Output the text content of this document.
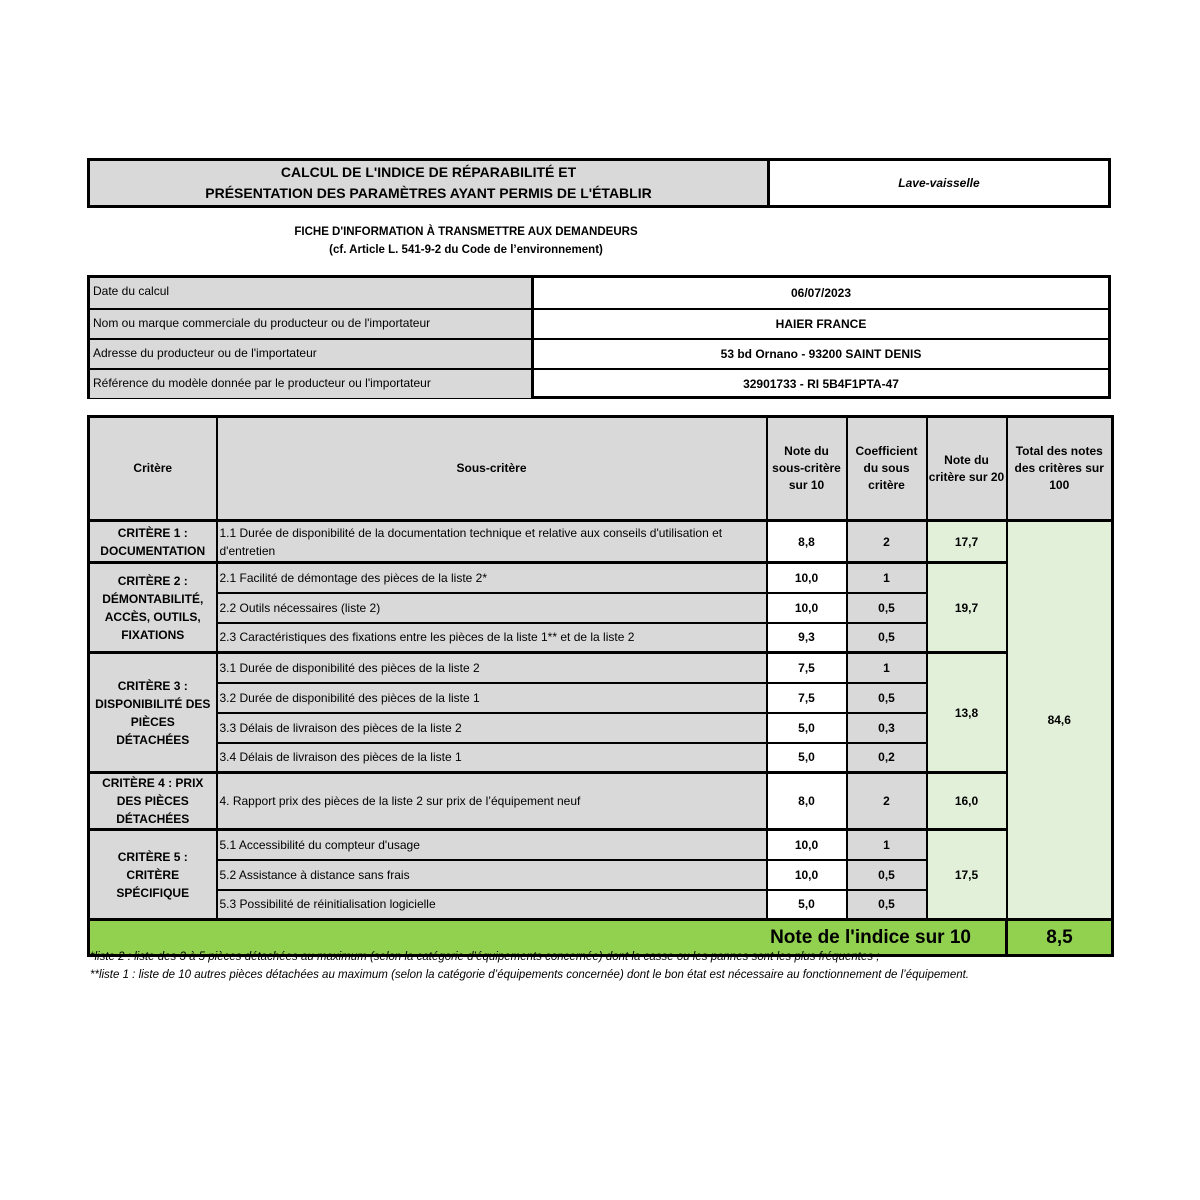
CALCUL DE L'INDICE DE RÉPARABILITÉ ET
PRÉSENTATION DES PARAMÈTRES AYANT PERMIS DE L'ÉTABLIR
Lave-vaisselle
FICHE D'INFORMATION À TRANSMETTRE AUX DEMANDEURS
(cf. Article L. 541-9-2 du Code de l’environnement)
Date du calcul	06/07/2023
Nom ou marque commerciale du producteur ou de l'importateur	HAIER FRANCE
Adresse du producteur ou de l'importateur	53 bd Ornano - 93200 SAINT DENIS
Référence du modèle donnée par le producteur ou l'importateur	32901733 - RI 5B4F1PTA-47
Critère	Sous-critère	Note du sous-critère sur 10	Coefficient du sous critère	Note du critère sur 20	Total des notes des critères sur 100
CRITÈRE 1 : DOCUMENTATION	1.1 Durée de disponibilité de la documentation technique et relative aux conseils d'utilisation et d'entretien	8,8	2	17,7	84,6
CRITÈRE 2 : DÉMONTABILITÉ, ACCÈS, OUTILS, FIXATIONS	2.1 Facilité de démontage des pièces de la liste 2*	10,0	1	19,7	
	2.2 Outils nécessaires (liste 2)	10,0	0,5		
	2.3 Caractéristiques des fixations entre les pièces de la liste 1** et de la liste 2	9,3	0,5		
CRITÈRE 3 : DISPONIBILITÉ DES PIÈCES DÉTACHÉES	3.1 Durée de disponibilité des pièces de la liste 2	7,5	1	13,8	
	3.2 Durée de disponibilité des pièces de la liste 1	7,5	0,5		
	3.3 Délais de livraison des pièces de la liste 2	5,0	0,3		
	3.4 Délais de livraison des pièces de la liste 1	5,0	0,2		
CRITÈRE 4 : PRIX DES PIÈCES DÉTACHÉES	4. Rapport prix des pièces de la liste 2 sur prix de l’équipement neuf	8,0	2	16,0	
CRITÈRE 5 : CRITÈRE SPÉCIFIQUE	5.1 Accessibilité du compteur d'usage	10,0	1	17,5	
	5.2 Assistance à distance sans frais	10,0	0,5		
	5.3 Possibilité de réinitialisation logicielle	5,0	0,5		
Note de l'indice sur 10					8,5
*liste 2 : liste des 3 à 5 pièces détachées au maximum (selon la catégorie d’équipements concernée) dont la casse ou les pannes sont les plus fréquentes ;
**liste 1 : liste de 10 autres pièces détachées au maximum (selon la catégorie d’équipements concernée) dont le bon état est nécessaire au fonctionnement de l’équipement.
